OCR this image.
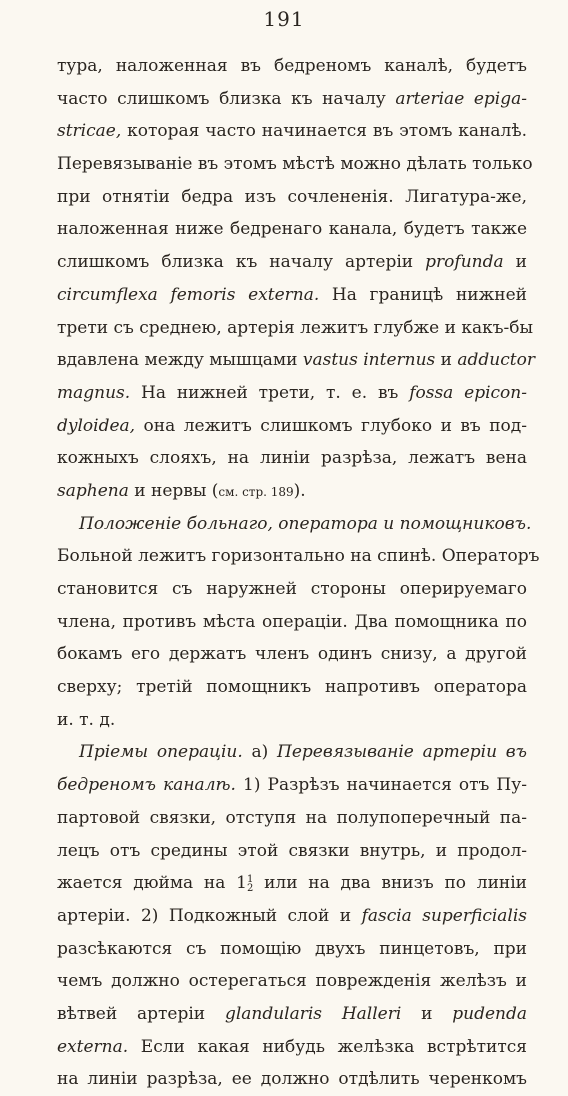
191
тура, наложенная въ бедреномъ каналѣ, будетъ
часто слишкомъ близка къ началу arteriae epiga-
stricae, которая часто начинается въ этомъ каналѣ.
Перевязываніе въ этомъ мѣстѣ можно дѣлать только
при отнятіи бедра изъ сочлененія. Лигатура-же,
наложенная ниже бедренаго канала, будетъ также
слишкомъ близка къ началу артеріи profunda и
circumflexa femoris externa. На границѣ нижней
трети съ среднею, артерія лежитъ глубже и какъ-бы
вдавлена между мышцами vastus internus и adductor
magnus. На нижней трети, т. е. въ fossa epicon-
dyloidea, она лежитъ слишкомъ глубоко и въ под-
кожныхъ слояхъ, на линіи разрѣза, лежатъ вена
saphena и нервы (см. стр. 189).
Положеніе больнаго, оператора и помощниковъ.
Больной лежитъ горизонтально на спинѣ. Операторъ
становится съ наружней стороны оперируемаго
члена, противъ мѣста операціи. Два помощника по
бокамъ его держатъ членъ одинъ снизу, а другой
сверху; третій помощникъ напротивъ оператора
и. т. д.
Пріемы операціи. а) Перевязываніе артеріи въ
бедреномъ каналѣ. 1) Разрѣзъ начинается отъ Пу-
партовой связки, отступя на полупоперечный па-
лецъ отъ средины этой связки внутрь, и продол-
жается дюйма на 11
2 или на два внизъ по линіи
артеріи. 2) Подкожный слой и fascia superficialis
разсѣкаются съ помощію двухъ пинцетовъ, при
чемъ должно остерегаться поврежденія желѣзъ и
вѣтвей артеріи glandularis Halleri и pudenda
externa. Если какая нибудь желѣзка встрѣтится
на линіи разрѣза, ее должно отдѣлить черенкомъ
